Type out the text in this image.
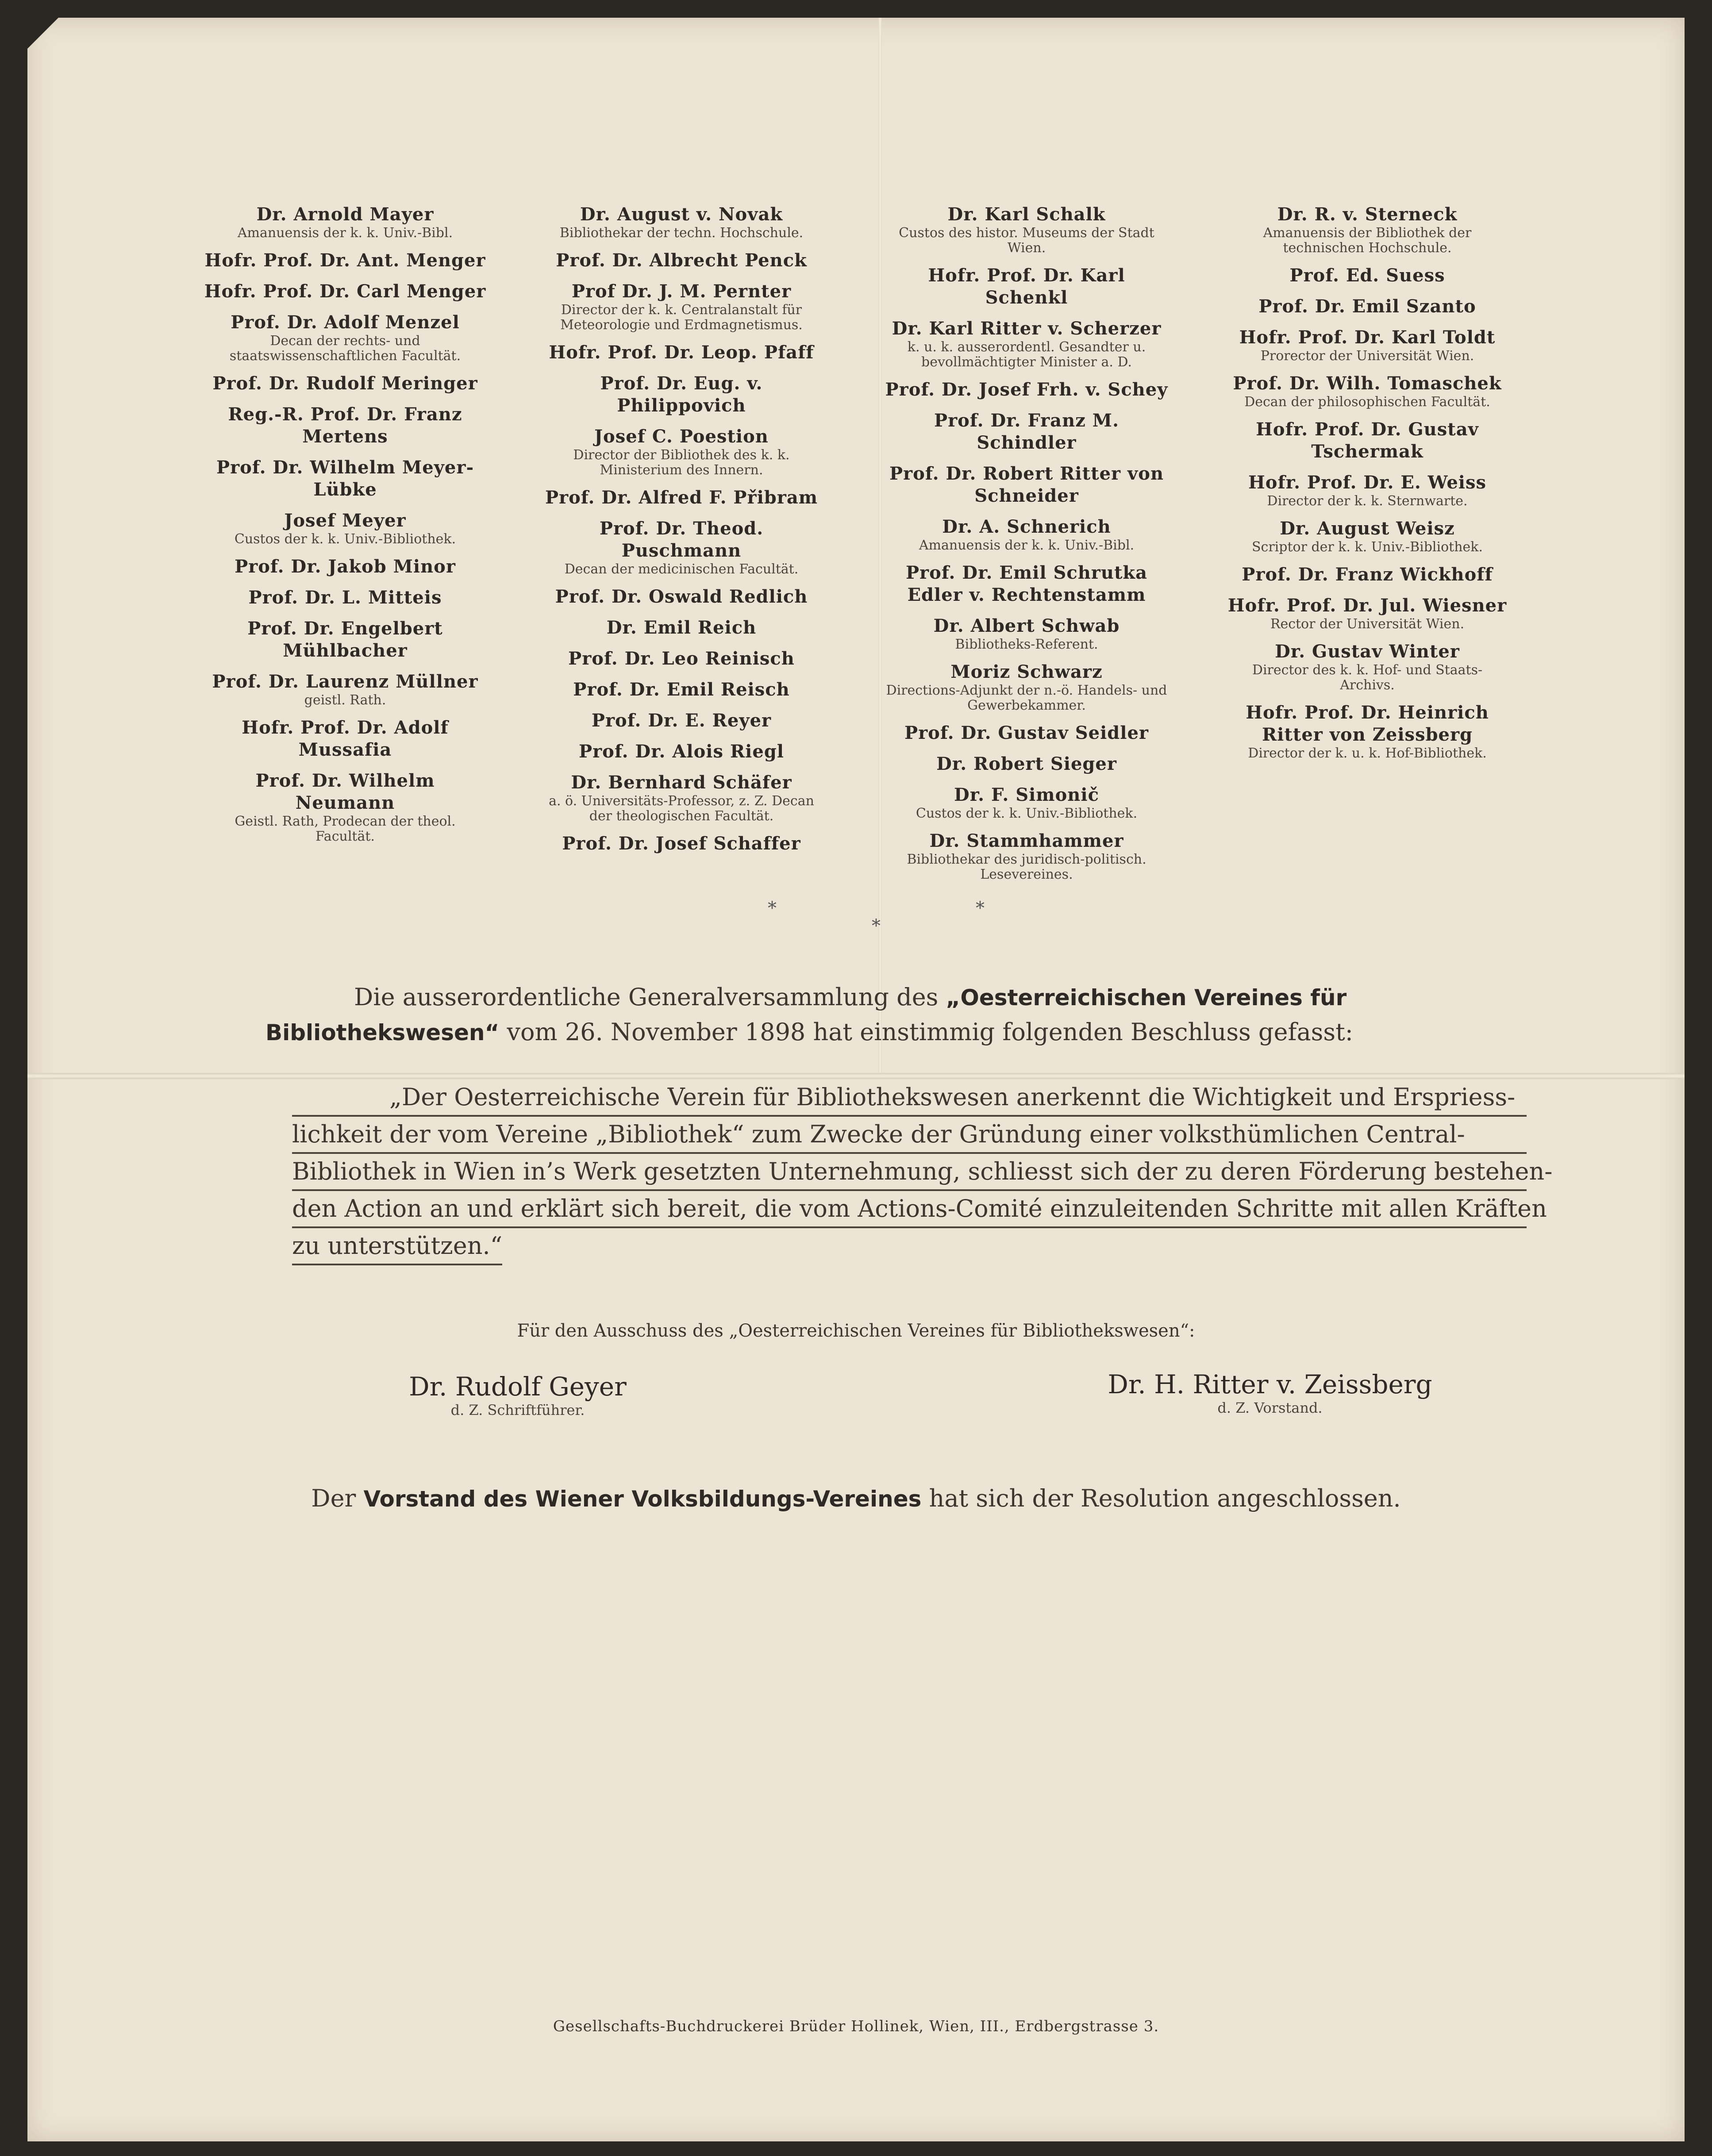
Dr. Arnold Mayer
Amanuensis der k. k. Univ.-Bibl.
Hofr. Prof. Dr. Ant. Menger
Hofr. Prof. Dr. Carl Menger
Prof. Dr. Adolf Menzel
Decan der rechts- und staatswissenschaftlichen Facultät.
Prof. Dr. Rudolf Meringer
Reg.-R. Prof. Dr. Franz Mertens
Prof. Dr. Wilhelm Meyer-Lübke
Josef Meyer
Custos der k. k. Univ.-Bibliothek.
Prof. Dr. Jakob Minor
Prof. Dr. L. Mitteis
Prof. Dr. Engelbert Mühlbacher
Prof. Dr. Laurenz Müllner
geistl. Rath.
Hofr. Prof. Dr. Adolf Mussafia
Prof. Dr. Wilhelm Neumann
Geistl. Rath, Prodecan der theol. Facultät.
Dr. August v. Novak
Bibliothekar der techn. Hochschule.
Prof. Dr. Albrecht Penck
Prof Dr. J. M. Pernter
Director der k. k. Centralanstalt für Meteorologie und Erdmagnetismus.
Hofr. Prof. Dr. Leop. Pfaff
Prof. Dr. Eug. v. Philippovich
Josef C. Poestion
Director der Bibliothek des k. k. Ministerium des Innern.
Prof. Dr. Alfred F. Přibram
Prof. Dr. Theod. Puschmann
Decan der medicinischen Facultät.
Prof. Dr. Oswald Redlich
Dr. Emil Reich
Prof. Dr. Leo Reinisch
Prof. Dr. Emil Reisch
Prof. Dr. E. Reyer
Prof. Dr. Alois Riegl
Dr. Bernhard Schäfer
a. ö. Universitäts-Professor, z. Z. Decan der theologischen Facultät.
Prof. Dr. Josef Schaffer
Dr. Karl Schalk
Custos des histor. Museums der Stadt Wien.
Hofr. Prof. Dr. Karl Schenkl
Dr. Karl Ritter v. Scherzer
k. u. k. ausserordentl. Gesandter u. bevollmächtigter Minister a. D.
Prof. Dr. Josef Frh. v. Schey
Prof. Dr. Franz M. Schindler
Prof. Dr. Robert Ritter von Schneider
Dr. A. Schnerich
Amanuensis der k. k. Univ.-Bibl.
Prof. Dr. Emil Schrutka Edler v. Rechtenstamm
Dr. Albert Schwab
Bibliotheks-Referent.
Moriz Schwarz
Directions-Adjunkt der n.-ö. Handels- und Gewerbekammer.
Prof. Dr. Gustav Seidler
Dr. Robert Sieger
Dr. F. Simonič
Custos der k. k. Univ.-Bibliothek.
Dr. Stammhammer
Bibliothekar des juridisch-politisch. Lesevereines.
Dr. R. v. Sterneck
Amanuensis der Bibliothek der technischen Hochschule.
Prof. Ed. Suess
Prof. Dr. Emil Szanto
Hofr. Prof. Dr. Karl Toldt
Prorector der Universität Wien.
Prof. Dr. Wilh. Tomaschek
Decan der philosophischen Facultät.
Hofr. Prof. Dr. Gustav Tschermak
Hofr. Prof. Dr. E. Weiss
Director der k. k. Sternwarte.
Dr. August Weisz
Scriptor der k. k. Univ.-Bibliothek.
Prof. Dr. Franz Wickhoff
Hofr. Prof. Dr. Jul. Wiesner
Rector der Universität Wien.
Dr. Gustav Winter
Director des k. k. Hof- und Staats-Archivs.
Hofr. Prof. Dr. Heinrich Ritter von Zeissberg
Director der k. u. k. Hof-Bibliothek.
*
*
*
Die ausserordentliche Generalversammlung des „Oesterreichischen Vereines für Bibliothekswesen“ vom 26. November 1898 hat einstimmig folgenden Beschluss gefasst:
„Der Oesterreichische Verein für Bibliothekswesen anerkennt die Wichtigkeit und Erspriess-
lichkeit der vom Vereine „Bibliothek“ zum Zwecke der Gründung einer volksthümlichen Central-
Bibliothek in Wien in’s Werk gesetzten Unternehmung, schliesst sich der zu deren Förderung bestehen-
den Action an und erklärt sich bereit, die vom Actions-Comité einzuleitenden Schritte mit allen Kräften
zu unterstützen.“
Für den Ausschuss des „Oesterreichischen Vereines für Bibliothekswesen“:
Dr. Rudolf Geyer
d. Z. Schriftführer.
Dr. H. Ritter v. Zeissberg
d. Z. Vorstand.
Der Vorstand des Wiener Volksbildungs-Vereines hat sich der Resolution angeschlossen.
Gesellschafts-Buchdruckerei Brüder Hollinek, Wien, III., Erdbergstrasse 3.
